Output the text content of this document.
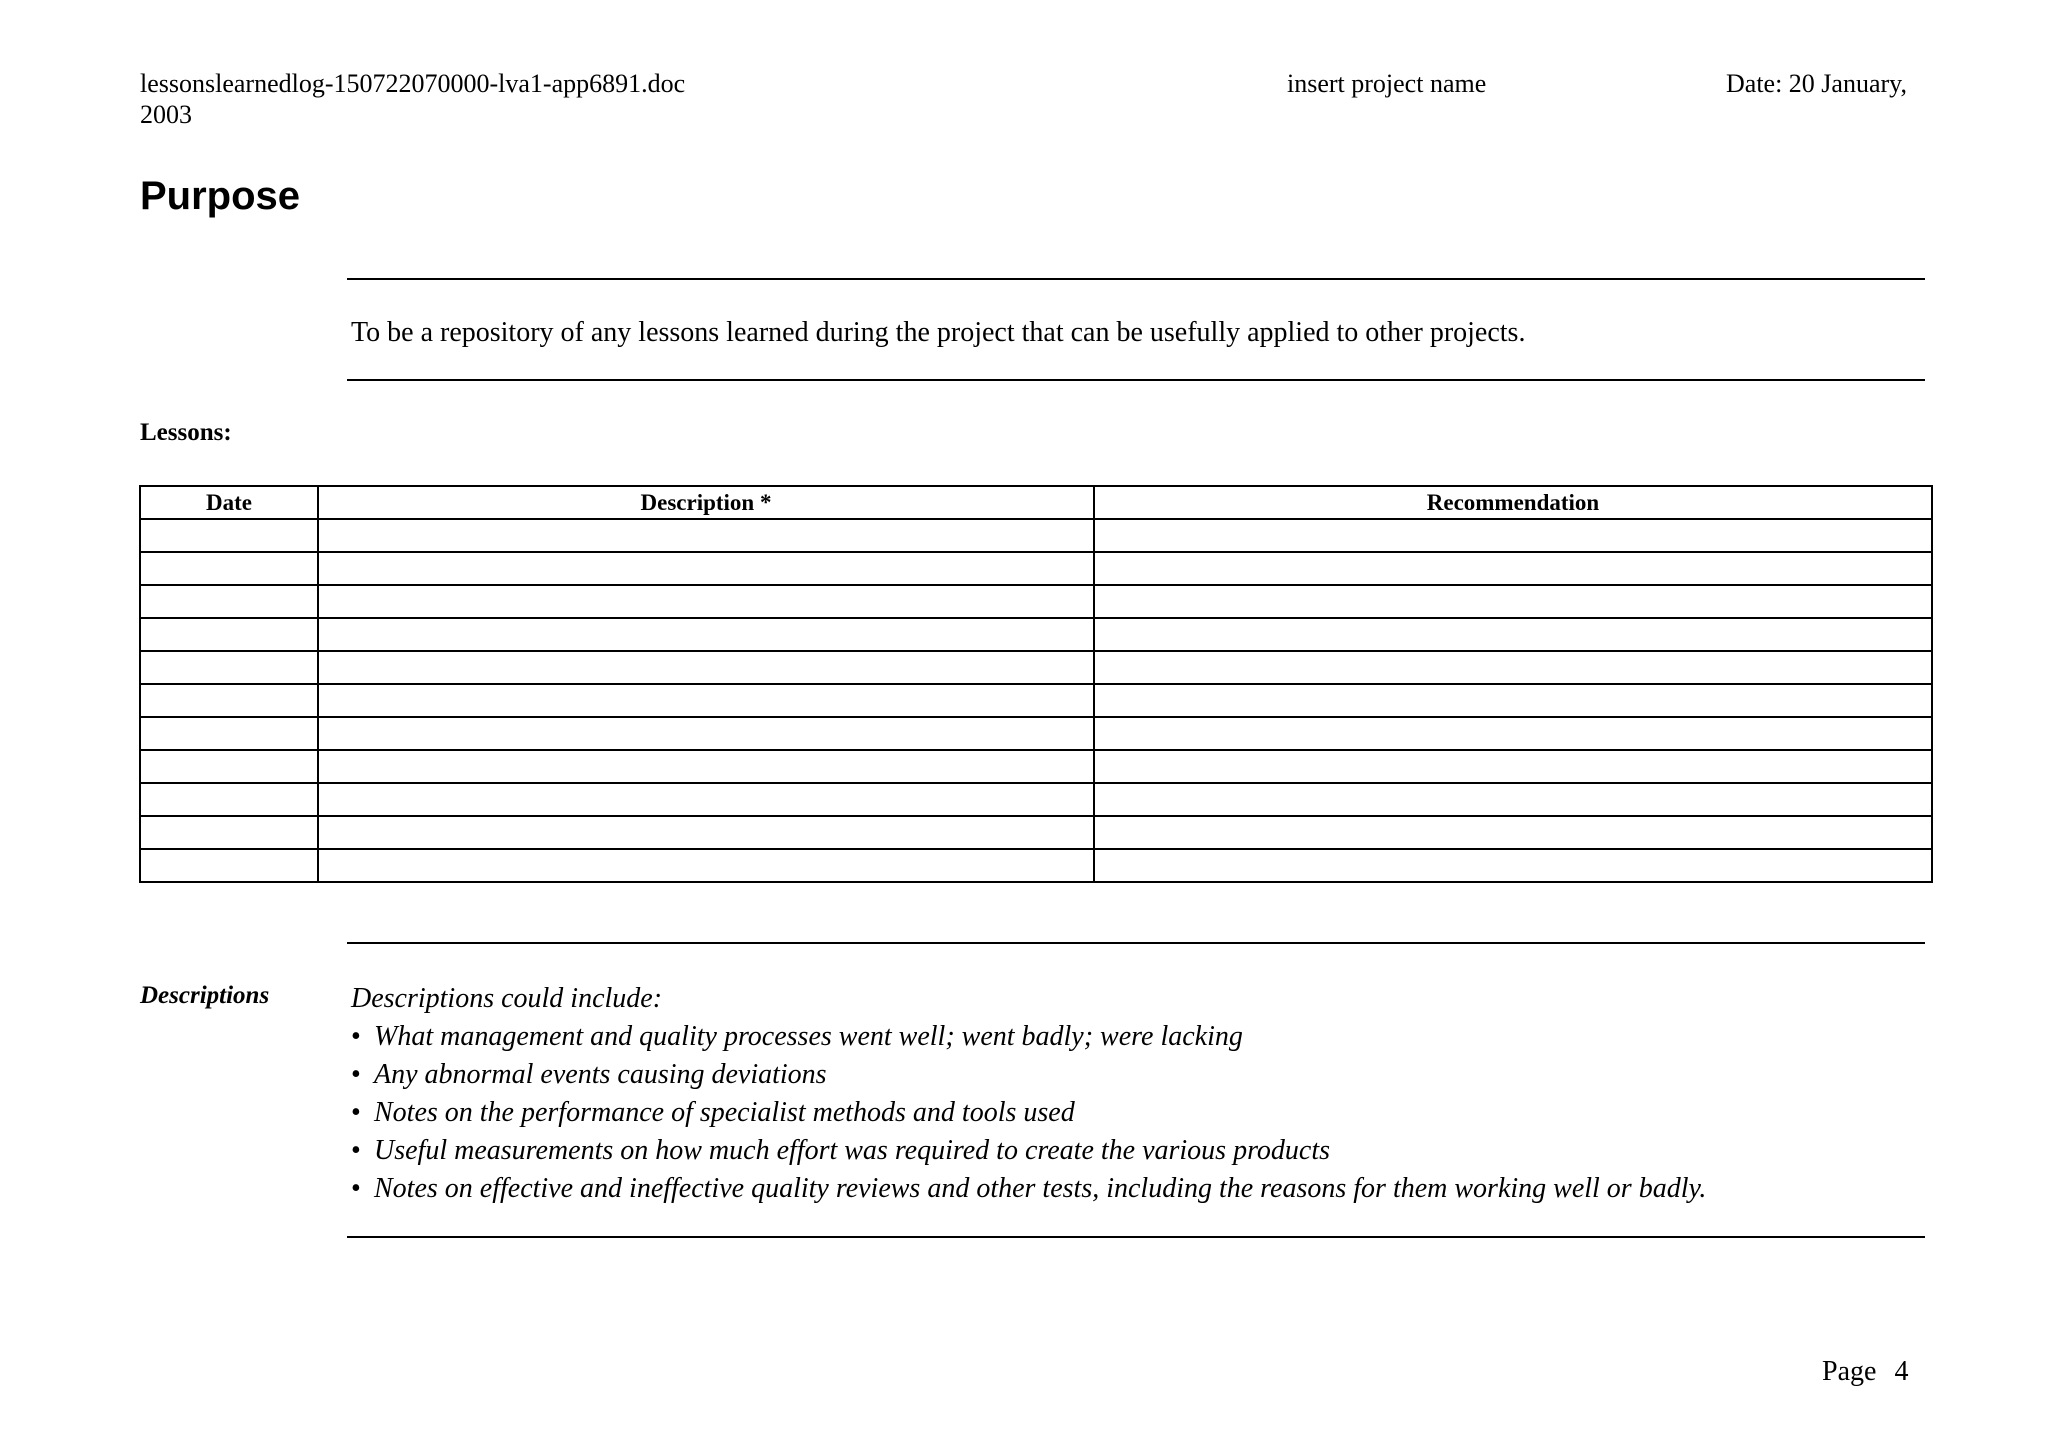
lessonslearnedlog-150722070000-lva1-app6891.doc	insert project name	Date: 20 January,
2003
Purpose
To be a repository of any lessons learned during the project that can be usefully applied to other projects.
Lessons:
Date	Description *	Recommendation

Descriptions	Descriptions could include:
• What management and quality processes went well; went badly; were lacking
• Any abnormal events causing deviations
• Notes on the performance of specialist methods and tools used
• Useful measurements on how much effort was required to create the various products
• Notes on effective and ineffective quality reviews and other tests, including the reasons for them working well or badly.
Page 4
